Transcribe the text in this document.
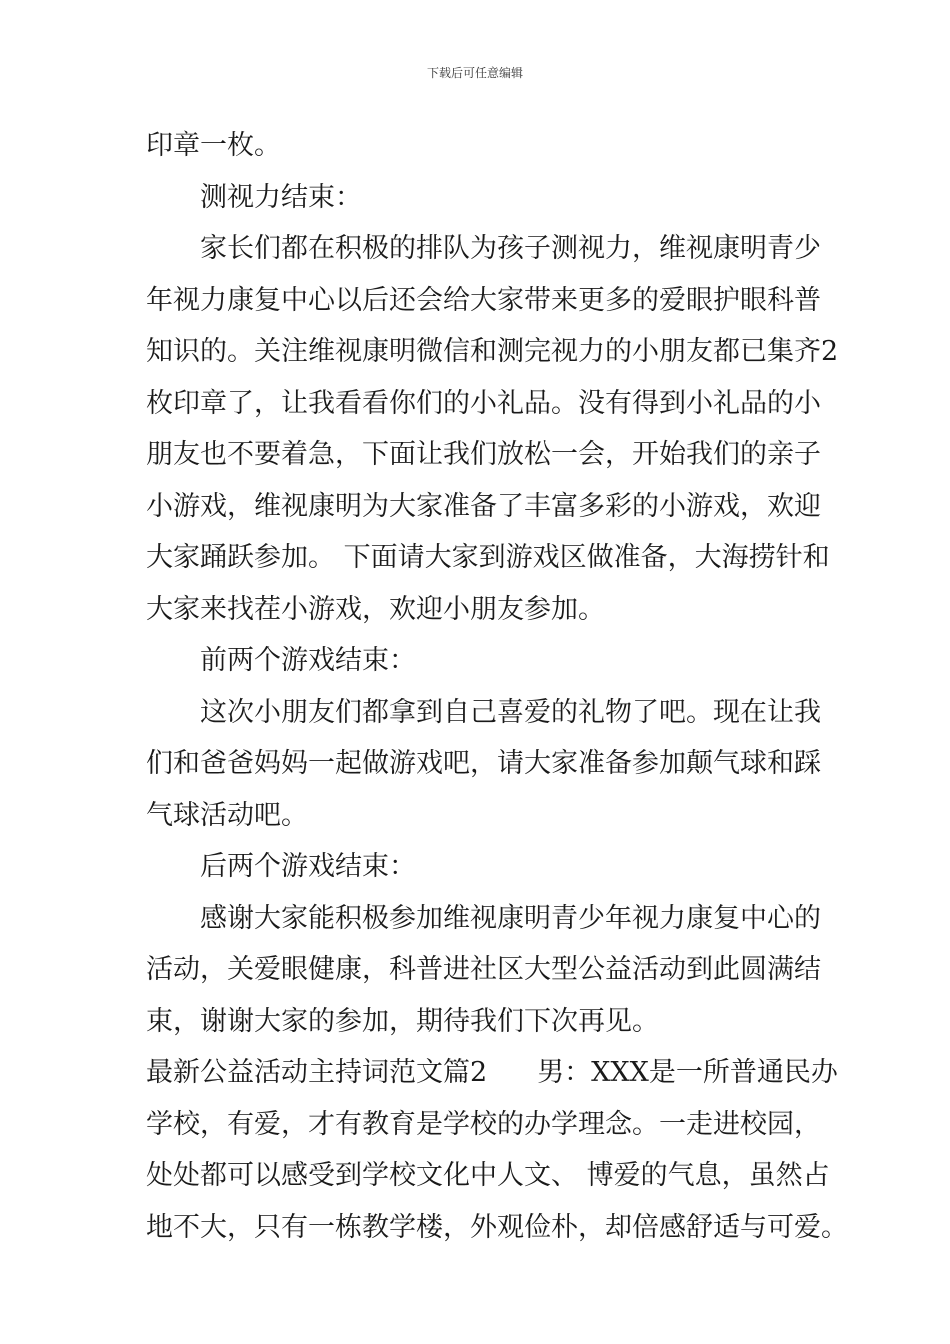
下载后可任意编辑
印章一枚。
测视力结束：
家长们都在积极的排队为孩子测视力，维视康明青少
年视力康复中心以后还会给大家带来更多的爱眼护眼科普
知识的。关注维视康明微信和测完视力的小朋友都已集齐2
枚印章了，让我看看你们的小礼品。没有得到小礼品的小
朋友也不要着急，下面让我们放松一会，开始我们的亲子
小游戏，维视康明为大家准备了丰富多彩的小游戏，欢迎
大家踊跃参加。 下面请大家到游戏区做准备，大海捞针和
大家来找茬小游戏，欢迎小朋友参加。
前两个游戏结束：
这次小朋友们都拿到自己喜爱的礼物了吧。现在让我
们和爸爸妈妈一起做游戏吧，请大家准备参加颠气球和踩
气球活动吧。
后两个游戏结束：
感谢大家能积极参加维视康明青少年视力康复中心的
活动，关爱眼健康，科普进社区大型公益活动到此圆满结
束，谢谢大家的参加，期待我们下次再见。
最新公益活动主持词范文篇2 男：XXX是一所普通民办
学校，有爱，才有教育是学校的办学理念。一走进校园，
处处都可以感受到学校文化中人文、 博爱的气息，虽然占
地不大，只有一栋教学楼，外观俭朴，却倍感舒适与可爱。
